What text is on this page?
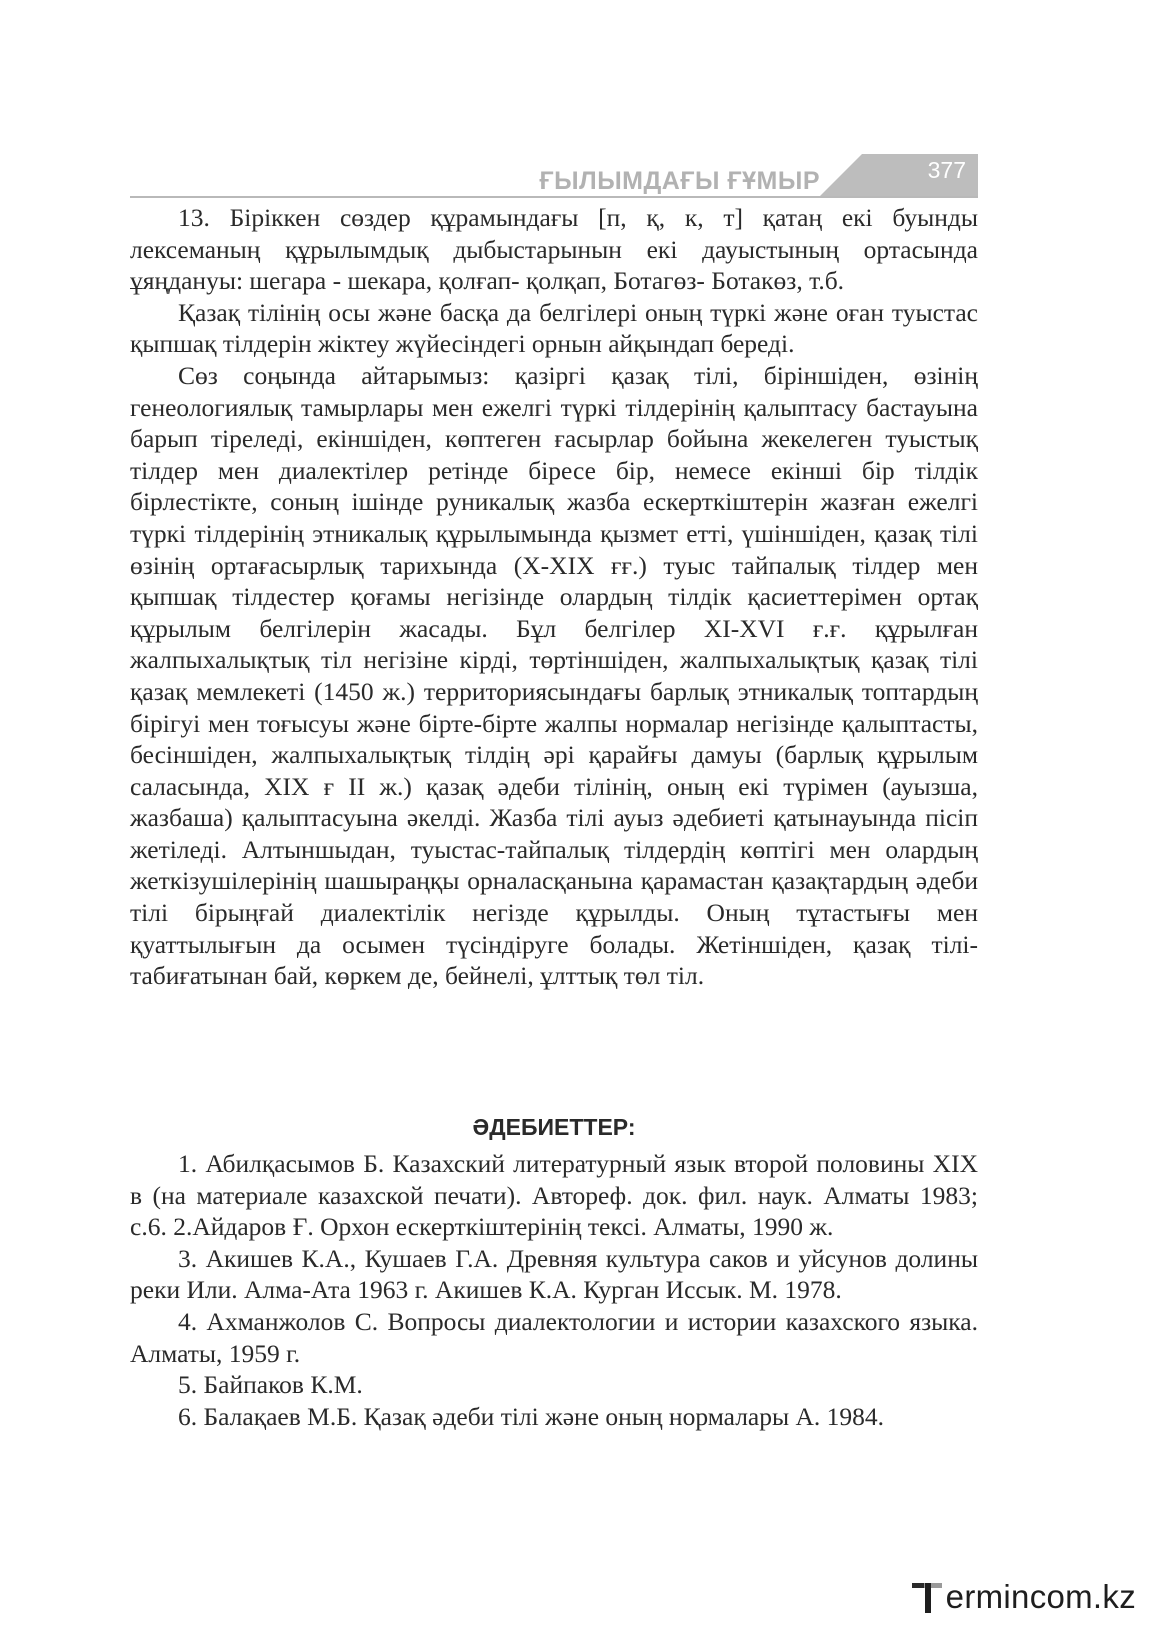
ҒЫЛЫМДАҒЫ ҒҰМЫР	377

13. Біріккен сөздер құрамындағы [п, қ, к, т] қатаң екі буынды лексеманың құрылымдық дыбыстарынын екі дауыстының ортасында ұяңдануы: шегара - шекара, қолғап- қолқап, Ботагөз- Ботакөз, т.б.

Қазақ тілінің осы және басқа да белгілері оның түркі және оған туыстас қыпшақ тілдерін жіктеу жүйесіндегі орнын айқындап береді.

Сөз соңында айтарымыз: қазіргі қазақ тілі, біріншіден, өзінің генеологиялық тамырлары мен ежелгі түркі тілдерінің қалыптасу бастауына барып тіреледі, екіншіден, көптеген ғасырлар бойына жекелеген туыстық тілдер мен диалектілер ретінде біресе бір, немесе екінші бір тілдік бірлестікте, соның ішінде руникалық жазба ескерткіштерін жазған ежелгі түркі тілдерінің этникалық құрылымында қызмет етті, үшіншіден, қазақ тілі өзінің ортағасырлық тарихында (X-XIX ғғ.) туыс тайпалық тілдер мен қыпшақ тілдестер қоғамы негізінде олардың тілдік қасиеттерімен ортақ құрылым белгілерін жасады. Бұл белгілер XI-XVI ғ.ғ. құрылған жалпыхалықтық тіл негізіне кірді, төртіншіден, жалпыхалықтық қазақ тілі қазақ мемлекеті (1450 ж.) территориясындағы барлық этникалық топтардың бірігуі мен тоғысуы және бірте-бірте жалпы нормалар негізінде қалыптасты, бесіншіден, жалпыхалықтық тілдің әрі қарайғы дамуы (барлық құрылым саласында, XIX ғ II ж.) қазақ әдеби тілінің, оның екі түрімен (ауызша, жазбаша) қалыптасуына әкелді. Жазба тілі ауыз әдебиеті қатынауында пісіп жетіледі. Алтыншыдан, туыстас-тайпалық тілдердің көптігі мен олардың жеткізушілерінің шашыраңқы орналасқанына қарамастан қазақтардың әдеби тілі бірыңғай диалектілік негізде құрылды. Оның тұтастығы мен қуаттылығын да осымен түсіндіруге болады. Жетіншіден, қазақ тілі- табиғатынан бай, көркем де, бейнелі, ұлттық төл тіл.

ӘДЕБИЕТТЕР:

1. Абилқасымов Б. Казахский литературный язык второй половины XIX в (на материале казахской печати). Автореф. док. фил. наук. Алматы 1983; с.6. 2.Айдаров Ғ. Орхон ескерткіштерінің тексі. Алматы, 1990 ж.

3. Акишев К.А., Кушаев Г.А. Древняя культура саков и уйсунов долины реки Или. Алма-Ата 1963 г. Акишев К.А. Курган Иссык. М. 1978.

4. Ахманжолов С. Вопросы диалектологии и истории казахского языка. Алматы, 1959 г.

5. Байпаков К.М.

6. Балақаев М.Б. Қазақ әдеби тілі және оның нормалары А. 1984.

ermincom.kz
